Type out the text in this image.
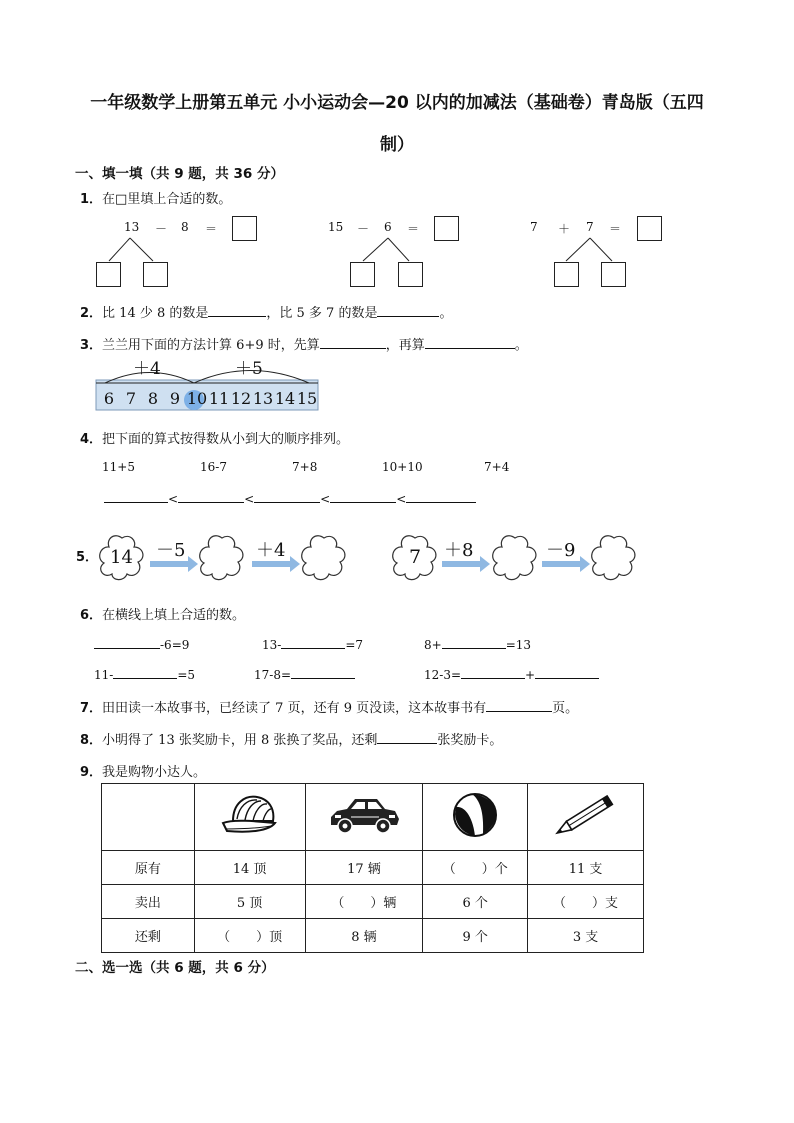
一年级数学上册第五单元 小小运动会—20 以内的加减法（基础卷）青岛版（五四
制）
一、填一填（共 9 题，共 36 分）
1．在□里填上合适的数。
13 － 8 ＝	15 － 6 ＝	7 ＋ 7 ＝
2．比 14 少 8 的数是	，比 5 多 7 的数是	。
3．兰兰用下面的方法计算 6+9 时，先算	，再算	。
＋4	＋5
6 7 8 9 10 11 12 13 14 15
4．把下面的算式按得数从小到大的顺序排列。
11+5	16-7	7+8	10+10	7+4
<	<	<	<
5． 14 －5	＋4	7 ＋8	－9
6．在横线上填上合适的数。
-6=9	13-	=7	8+	=13
11-	=5	17-8=	12-3=	+
7．田田读一本故事书，已经读了 7 页，还有 9 页没读，这本故事书有	页。
8．小明得了 13 张奖励卡，用 8 张换了奖品，还剩	张奖励卡。
9．我是购物小达人。

原有	14 顶	17 辆	（　　）个	11 支
卖出	5 顶	（　　）辆	6 个	（　　）支
还剩	（　　）顶	8 辆	9 个	3 支
二、选一选（共 6 题，共 6 分）
